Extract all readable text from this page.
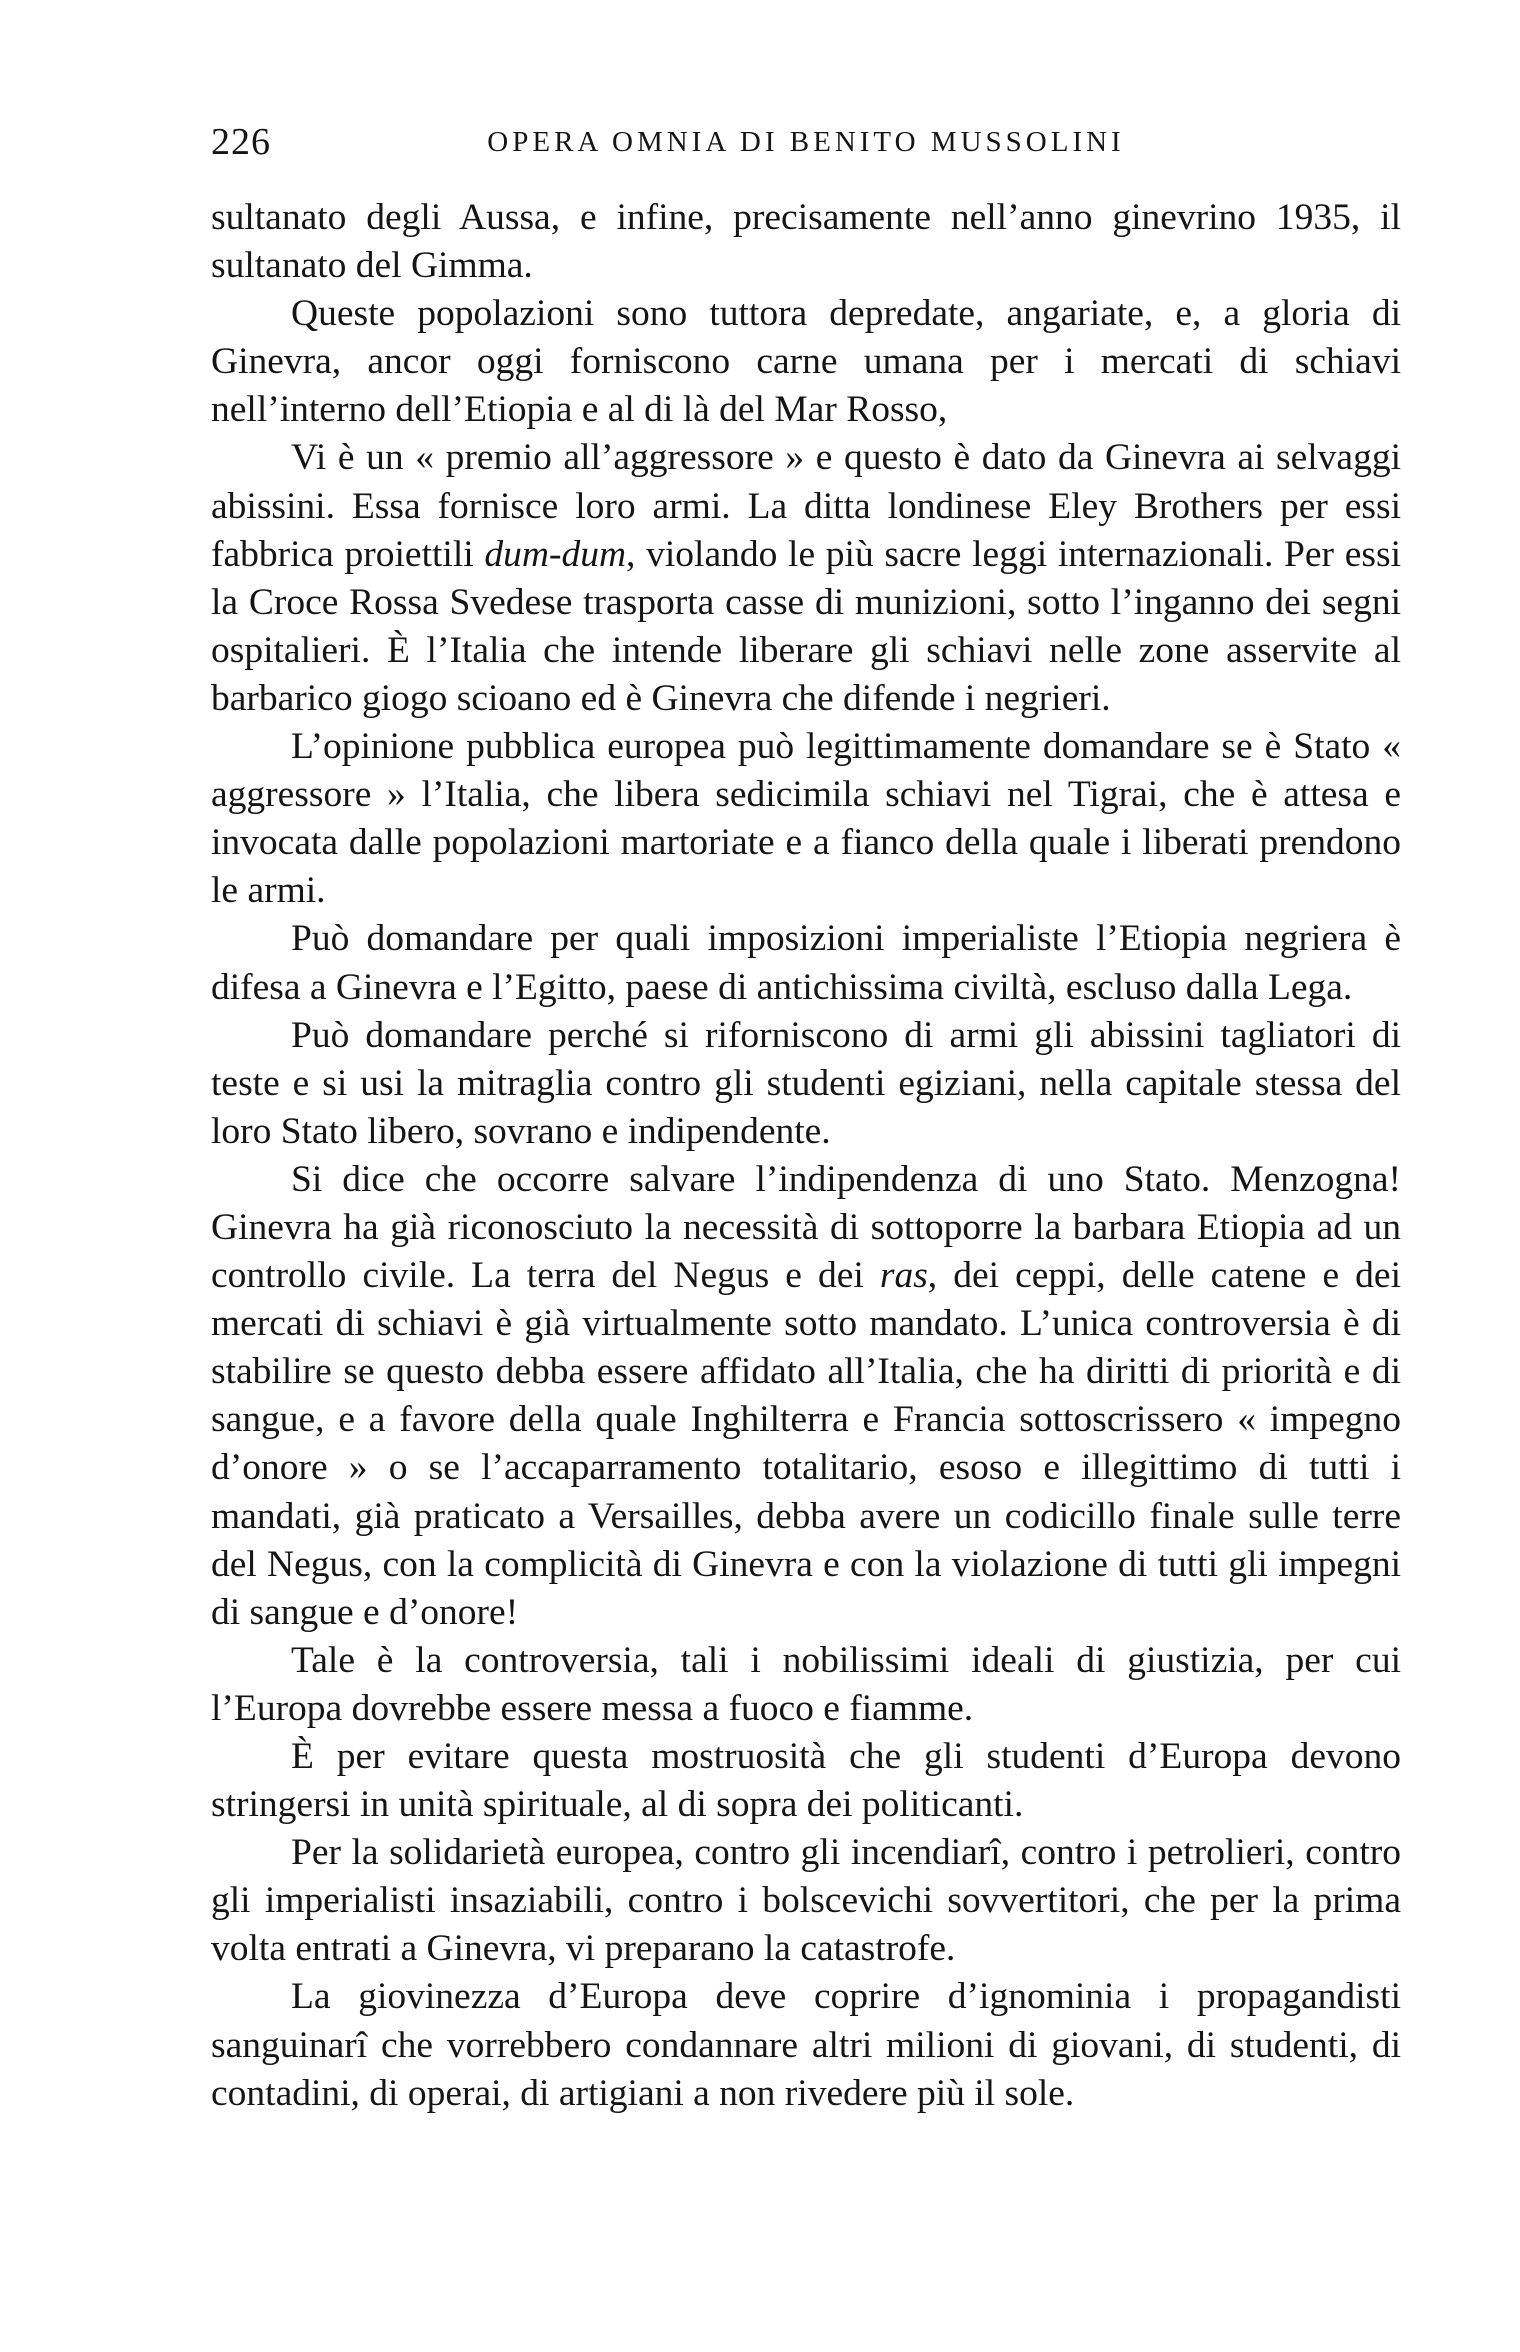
226	OPERA OMNIA DI BENITO MUSSOLINI

sultanato degli Aussa, e infine, precisamente nell’anno ginevrino 1935, il sultanato del Gimma.

Queste popolazioni sono tuttora depredate, angariate, e, a gloria di Ginevra, ancor oggi forniscono carne umana per i mercati di schiavi nell’interno dell’Etiopia e al di là del Mar Rosso,

Vi è un « premio all’aggressore » e questo è dato da Ginevra ai selvaggi abissini. Essa fornisce loro armi. La ditta londinese Eley Brothers per essi fabbrica proiettili dum-dum, violando le più sacre leggi internazionali. Per essi la Croce Rossa Svedese trasporta casse di munizioni, sotto l’inganno dei segni ospitalieri. È l’Italia che intende liberare gli schiavi nelle zone asservite al barbarico giogo scioano ed è Ginevra che difende i negrieri.

L’opinione pubblica europea può legittimamente domandare se è Stato « aggressore » l’Italia, che libera sedicimila schiavi nel Tigrai, che è attesa e invocata dalle popolazioni martoriate e a fianco della quale i liberati prendono le armi.

Può domandare per quali imposizioni imperialiste l’Etiopia negriera è difesa a Ginevra e l’Egitto, paese di antichissima civiltà, escluso dalla Lega.

Può domandare perché si riforniscono di armi gli abissini tagliatori di teste e si usi la mitraglia contro gli studenti egiziani, nella capitale stessa del loro Stato libero, sovrano e indipendente.

Si dice che occorre salvare l’indipendenza di uno Stato. Menzogna! Ginevra ha già riconosciuto la necessità di sottoporre la barbara Etiopia ad un controllo civile. La terra del Negus e dei ras, dei ceppi, delle catene e dei mercati di schiavi è già virtualmente sotto mandato. L’unica controversia è di stabilire se questo debba essere affidato all’Italia, che ha diritti di priorità e di sangue, e a favore della quale Inghilterra e Francia sottoscrissero « impegno d’onore » o se l’accaparramento totalitario, esoso e illegittimo di tutti i mandati, già praticato a Versailles, debba avere un codicillo finale sulle terre del Negus, con la complicità di Ginevra e con la violazione di tutti gli impegni di sangue e d’onore!

Tale è la controversia, tali i nobilissimi ideali di giustizia, per cui l’Europa dovrebbe essere messa a fuoco e fiamme.

È per evitare questa mostruosità che gli studenti d’Europa devono stringersi in unità spirituale, al di sopra dei politicanti.

Per la solidarietà europea, contro gli incendiarî, contro i petrolieri, contro gli imperialisti insaziabili, contro i bolscevichi sovvertitori, che per la prima volta entrati a Ginevra, vi preparano la catastrofe.

La giovinezza d’Europa deve coprire d’ignominia i propagandisti sanguinarî che vorrebbero condannare altri milioni di giovani, di studenti, di contadini, di operai, di artigiani a non rivedere più il sole.
